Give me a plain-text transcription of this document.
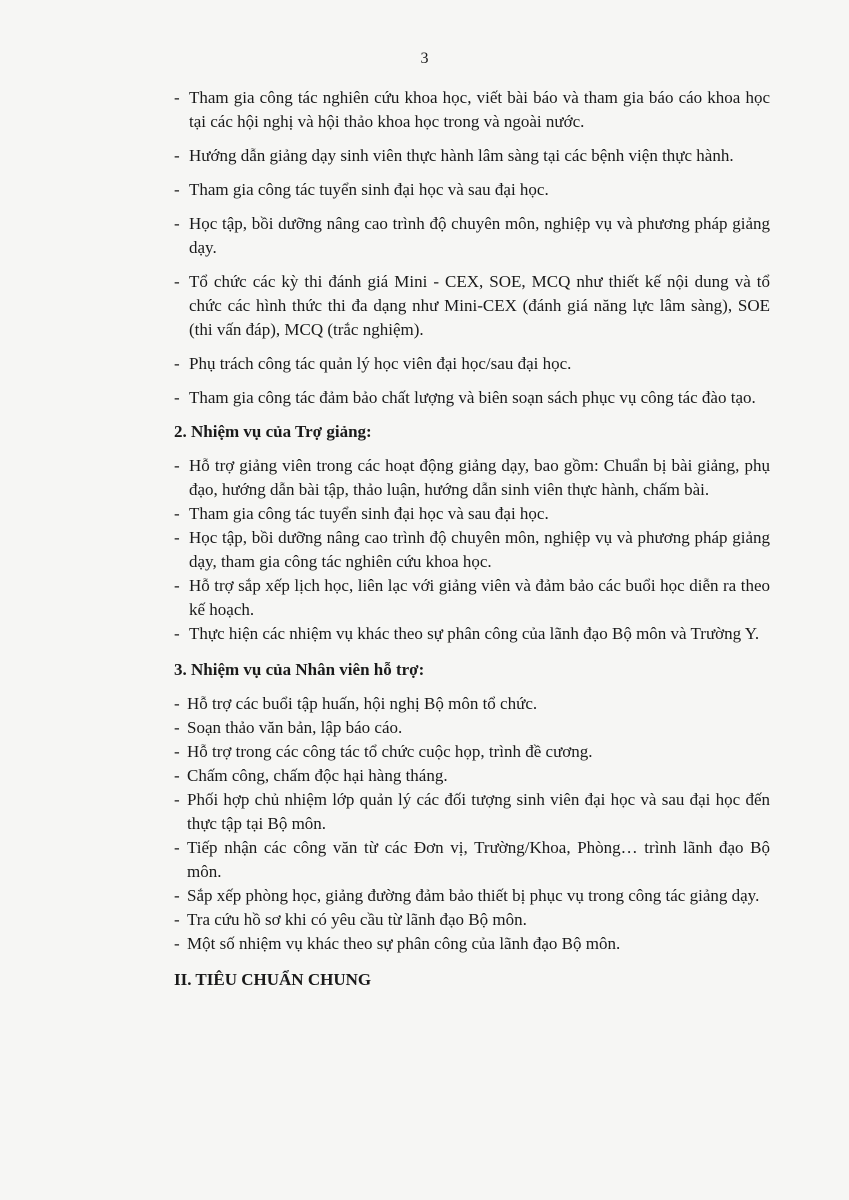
3
- Tham gia công tác nghiên cứu khoa học, viết bài báo và tham gia báo cáo khoa học tại các hội nghị và hội thảo khoa học trong và ngoài nước.
- Hướng dẫn giảng dạy sinh viên thực hành lâm sàng tại các bệnh viện thực hành.
- Tham gia công tác tuyển sinh đại học và sau đại học.
- Học tập, bồi dưỡng nâng cao trình độ chuyên môn, nghiệp vụ và phương pháp giảng dạy.
- Tổ chức các kỳ thi đánh giá Mini - CEX, SOE, MCQ như thiết kế nội dung và tổ chức các hình thức thi đa dạng như Mini-CEX (đánh giá năng lực lâm sàng), SOE (thi vấn đáp), MCQ (trắc nghiệm).
- Phụ trách công tác quản lý học viên đại học/sau đại học.
- Tham gia công tác đảm bảo chất lượng và biên soạn sách phục vụ công tác đào tạo.
2. Nhiệm vụ của Trợ giảng:
- Hỗ trợ giảng viên trong các hoạt động giảng dạy, bao gồm: Chuẩn bị bài giảng, phụ đạo, hướng dẫn bài tập, thảo luận, hướng dẫn sinh viên thực hành, chấm bài.
- Tham gia công tác tuyển sinh đại học và sau đại học.
- Học tập, bồi dưỡng nâng cao trình độ chuyên môn, nghiệp vụ và phương pháp giảng dạy, tham gia công tác nghiên cứu khoa học.
- Hỗ trợ sắp xếp lịch học, liên lạc với giảng viên và đảm bảo các buổi học diễn ra theo kế hoạch.
- Thực hiện các nhiệm vụ khác theo sự phân công của lãnh đạo Bộ môn và Trường Y.
3. Nhiệm vụ của Nhân viên hỗ trợ:
- Hỗ trợ các buổi tập huấn, hội nghị Bộ môn tổ chức.
- Soạn thảo văn bản, lập báo cáo.
- Hỗ trợ trong các công tác tổ chức cuộc họp, trình đề cương.
- Chấm công, chấm độc hại hàng tháng.
- Phối hợp chủ nhiệm lớp quản lý các đối tượng sinh viên đại học và sau đại học đến thực tập tại Bộ môn.
- Tiếp nhận các công văn từ các Đơn vị, Trường/Khoa, Phòng… trình lãnh đạo Bộ môn.
- Sắp xếp phòng học, giảng đường đảm bảo thiết bị phục vụ trong công tác giảng dạy.
- Tra cứu hồ sơ khi có yêu cầu từ lãnh đạo Bộ môn.
- Một số nhiệm vụ khác theo sự phân công của lãnh đạo Bộ môn.
II. TIÊU CHUẨN CHUNG
